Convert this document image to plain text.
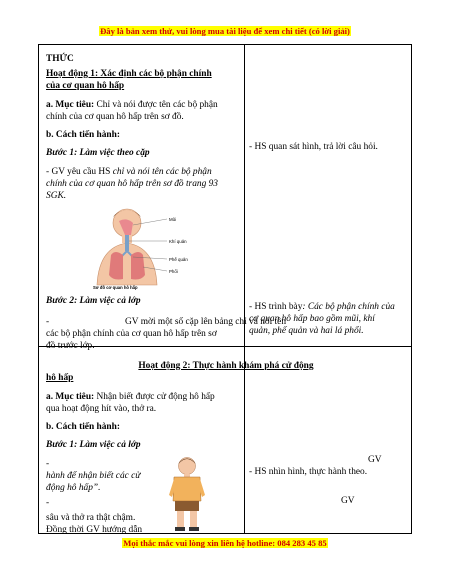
Đây là bản xem thử, vui lòng mua tài liệu để xem chi tiết (có lời giải)
THỨC
Hoạt động 1: Xác định các bộ phận chính
của cơ quan hô hấp
a. Mục tiêu: Chỉ và nói được tên các bộ phận
chính của cơ quan hô hấp trên sơ đồ.
b. Cách tiến hành:
Bước 1: Làm việc theo cặp
- GV yêu cầu HS chỉ và nói tên các bộ phận
chính của cơ quan hô hấp trên sơ đồ trang 93
SGK.
Mũi
Khí quản
Phế quản
Phổi
Sơ đồ cơ quan hô hấp
Bước 2: Làm việc cả lớp
-	GV mời một số cặp lên bảng chỉ và nói tên
các bộ phận chính của cơ quan hô hấp trên sơ
đồ trước lớp.
Hoạt động 2: Thực hành khám phá cử động
hô hấp
a. Mục tiêu: Nhận biết được cử động hô hấp
qua hoạt động hít vào, thở ra.
b. Cách tiến hành:
Bước 1: Làm việc cả lớp
-
hành để nhận biết các cử
động hô hấp”.
-
sâu và thở ra thật chậm.
Đồng thời GV hướng dẫn
- HS quan sát hình, trả lời câu hỏi.
- HS trình bày: Các bộ phận chính của
cơ quan hô hấp bao gồm mũi, khí
quản, phế quản và hai lá phổi.
GV
- HS nhìn hình, thực hành theo.
GV
Mọi thắc mắc vui lòng xin liên hệ hotline: 084 283 45 85
